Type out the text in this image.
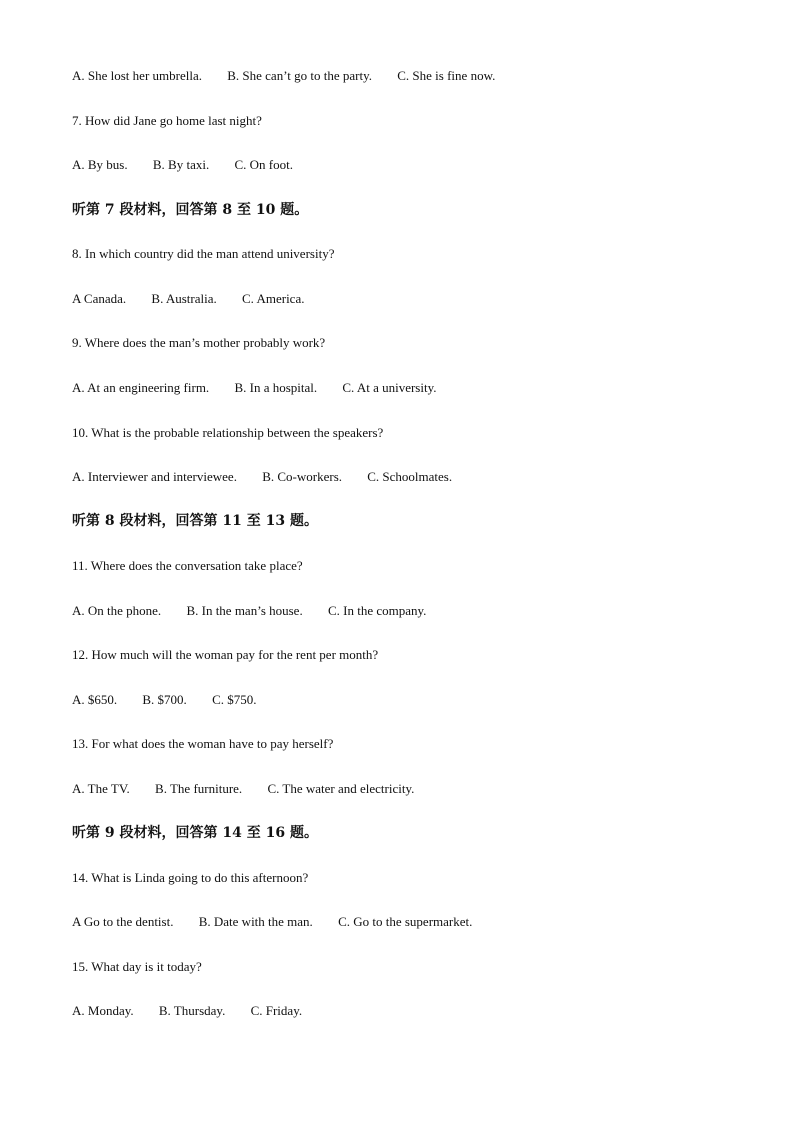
A. She lost her umbrella. B. She can’t go to the party. C. She is fine now.
7. How did Jane go home last night?
A. By bus. B. By taxi. C. On foot.
听第 7 段材料，回答第 8 至 10 题。
8. In which country did the man attend university?
A Canada. B. Australia. C. America.
9. Where does the man’s mother probably work?
A. At an engineering firm. B. In a hospital. C. At a university.
10. What is the probable relationship between the speakers?
A. Interviewer and interviewee. B. Co-workers. C. Schoolmates.
听第 8 段材料，回答第 11 至 13 题。
11. Where does the conversation take place?
A. On the phone. B. In the man’s house. C. In the company.
12. How much will the woman pay for the rent per month?
A. $650. B. $700. C. $750.
13. For what does the woman have to pay herself?
A. The TV. B. The furniture. C. The water and electricity.
听第 9 段材料，回答第 14 至 16 题。
14. What is Linda going to do this afternoon?
A Go to the dentist. B. Date with the man. C. Go to the supermarket.
15. What day is it today?
A. Monday. B. Thursday. C. Friday.
